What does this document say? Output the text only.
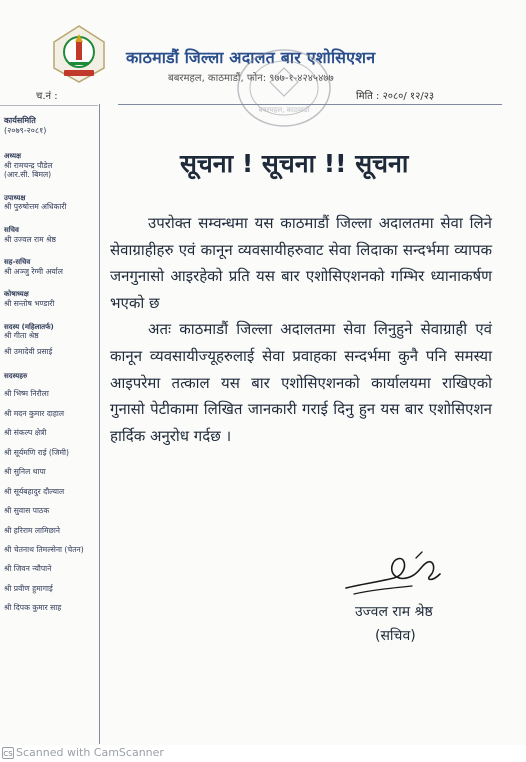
काठमाडौं जिल्ला अदालत बार एशोसिएशन
बबरमहल, काठमाडौं, फोन: ९७७-१-४२४५४७७
बबरमहल, काठमाडौं
च.नं :	मिति : २०८०/ १२/२३
कार्यसमिति
(२०७९-२०८१)
अध्यक्ष
श्री रामचन्द्र पौडेल
(आर.सी. बिमल)
उपाध्यक्ष
श्री पुरुषोत्तम अधिकारी
सचिव
श्री उज्वल राम श्रेष्ठ
सह-सचिव
श्री अञ्जु रेग्मी अर्याल
कोषाध्यक्ष
श्री सन्तोष भण्डारी
सदस्य (महिलातर्फ)
श्री गीता श्रेष्ठ
श्री उमादेवी प्रसाई
सदस्यहरु
श्री भिष्म निरौला
श्री मदन कुमार दाहाल
श्री संकल्प क्षेत्री
श्री सूर्यमणि राई (जिमी)
श्री सुनिल थापा
श्री सूर्यबहादुर दौल्याल
श्री सुवास पाठक
श्री हरिराम लामिछाने
श्री चेतनाथ तिमल्सेना (चेतन)
श्री जिवन न्यौपाने
श्री प्रवीण हुमागाई
श्री दिपक कुमार साह
सूचना ! सूचना !! सूचना

उपरोक्त सम्वन्धमा यस काठमाडौं जिल्ला अदालतमा सेवा लिने सेवाग्राहीहरु एवं कानून व्यवसायीहरुवाट सेवा लिदाका सन्दर्भमा व्यापक जनगुनासो आइरहेको प्रति यस बार एशोसिएशनको गम्भिर ध्यानाकर्षण भएको छ

अतः काठमाडौं जिल्ला अदालतमा सेवा लिनुहुने सेवाग्राही एवं कानून व्यवसायीज्यूहरुलाई सेवा प्रवाहका सन्दर्भमा कुनै पनि समस्या आइपरेमा तत्काल यस बार एशोसिएशनको कार्यालयमा राखिएको गुनासो पेटीकामा लिखित जानकारी गराई दिनु हुन यस बार एशोसिएशन हार्दिक अनुरोध गर्दछ ।

उज्वल राम श्रेष्ठ
(सचिव)
CS Scanned with CamScanner
